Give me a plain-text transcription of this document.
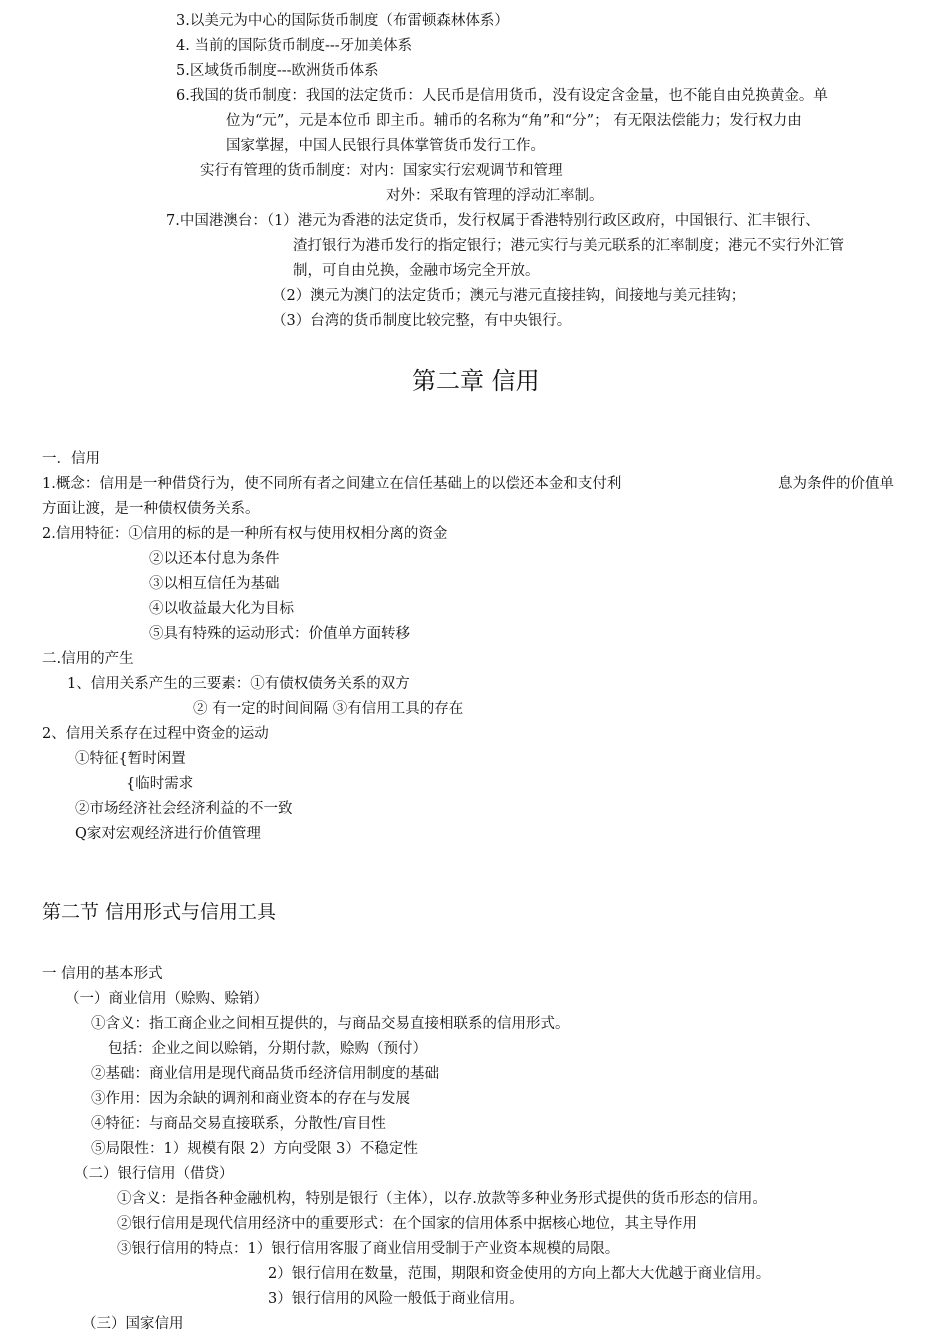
3.以美元为中心的国际货币制度（布雷顿森林体系）
4. 当前的国际货币制度---牙加美体系
5.区域货币制度---欧洲货币体系
6.我国的货币制度：我国的法定货币：人民币是信用货币，没有设定含金量，也不能自由兑换黄金。单
位为“元”，元是本位币 即主币。辅币的名称为“角”和“分”； 有无限法偿能力；发行权力由
国家掌握，中国人民银行具体掌管货币发行工作。
实行有管理的货币制度：对内：国家实行宏观调节和管理
对外：采取有管理的浮动汇率制。
7.中国港澳台：（1）港元为香港的法定货币，发行权属于香港特别行政区政府，中国银行、汇丰银行、
渣打银行为港币发行的指定银行；港元实行与美元联系的汇率制度；港元不实行外汇管
制，可自由兑换，金融市场完全开放。
（2）澳元为澳门的法定货币；澳元与港元直接挂钩，间接地与美元挂钩；
（3）台湾的货币制度比较完整，有中央银行。
第二章 信用
一．信用
1.概念：信用是一种借贷行为，使不同所有者之间建立在信任基础上的以偿还本金和支付利	息为条件的价值单
方面让渡，是一种债权债务关系。
2.信用特征：①信用的标的是一种所有权与使用权相分离的资金
②以还本付息为条件
③以相互信任为基础
④以收益最大化为目标
⑤具有特殊的运动形式：价值单方面转移
二.信用的产生
1、信用关系产生的三要素：①有债权债务关系的双方
② 有一定的时间间隔 ③有信用工具的存在
2、信用关系存在过程中资金的运动
①特征{暂时闲置
{临时需求
②市场经济社会经济利益的不一致
Q家对宏观经济进行价值管理
第二节 信用形式与信用工具
一 信用的基本形式
（一）商业信用（赊购、赊销）
①含义：指工商企业之间相互提供的，与商品交易直接相联系的信用形式。
包括：企业之间以赊销，分期付款，赊购（预付）
②基础：商业信用是现代商品货币经济信用制度的基础
③作用：因为余缺的调剂和商业资本的存在与发展
④特征：与商品交易直接联系，分散性/盲目性
⑤局限性：1）规模有限 2）方向受限 3）不稳定性
（二）银行信用（借贷）
①含义：是指各种金融机构，特别是银行（主体），以存.放款等多种业务形式提供的货币形态的信用。
②银行信用是现代信用经济中的重要形式：在个国家的信用体系中据核心地位，其主导作用
③银行信用的特点：1）银行信用客服了商业信用受制于产业资本规模的局限。
2）银行信用在数量，范围，期限和资金使用的方向上都大大优越于商业信用。
3）银行信用的风险一般低于商业信用。
（三）国家信用
